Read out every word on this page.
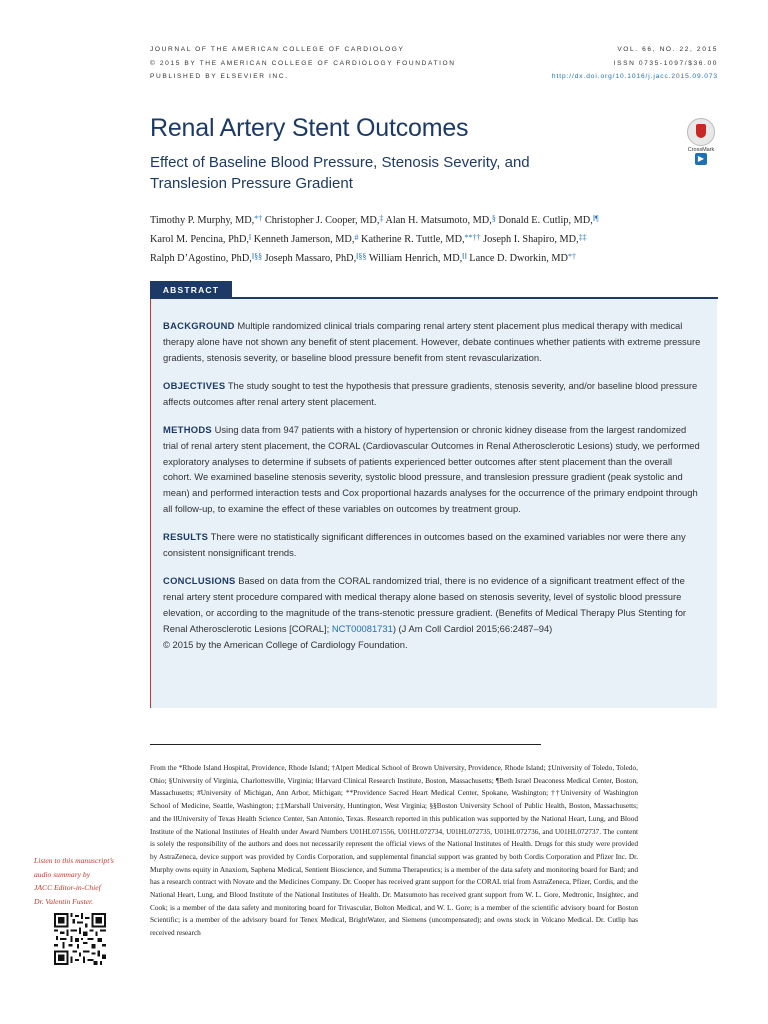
JOURNAL OF THE AMERICAN COLLEGE OF CARDIOLOGY
© 2015 BY THE AMERICAN COLLEGE OF CARDIOLOGY FOUNDATION
PUBLISHED BY ELSEVIER INC.
VOL. 66, NO. 22, 2015
ISSN 0735-1097/$36.00
http://dx.doi.org/10.1016/j.jacc.2015.09.073
Renal Artery Stent Outcomes
Effect of Baseline Blood Pressure, Stenosis Severity, and Translesion Pressure Gradient
CrossMark
▶
Timothy P. Murphy, MD,*† Christopher J. Cooper, MD,‡ Alan H. Matsumoto, MD,§ Donald E. Cutlip, MD,‖¶
Karol M. Pencina, PhD,‖ Kenneth Jamerson, MD,# Katherine R. Tuttle, MD,**†† Joseph I. Shapiro, MD,‡‡
Ralph D’Agostino, PhD,‖§§ Joseph Massaro, PhD,‖§§ William Henrich, MD,‖‖ Lance D. Dworkin, MD*†
ABSTRACT

BACKGROUND Multiple randomized clinical trials comparing renal artery stent placement plus medical therapy with medical therapy alone have not shown any benefit of stent placement. However, debate continues whether patients with extreme pressure gradients, stenosis severity, or baseline blood pressure benefit from stent revascularization.

OBJECTIVES The study sought to test the hypothesis that pressure gradients, stenosis severity, and/or baseline blood pressure affects outcomes after renal artery stent placement.

METHODS Using data from 947 patients with a history of hypertension or chronic kidney disease from the largest randomized trial of renal artery stent placement, the CORAL (Cardiovascular Outcomes in Renal Atherosclerotic Lesions) study, we performed exploratory analyses to determine if subsets of patients experienced better outcomes after stent placement than the overall cohort. We examined baseline stenosis severity, systolic blood pressure, and translesion pressure gradient (peak systolic and mean) and performed interaction tests and Cox proportional hazards analyses for the occurrence of the primary endpoint through all follow-up, to examine the effect of these variables on outcomes by treatment group.

RESULTS There were no statistically significant differences in outcomes based on the examined variables nor were there any consistent nonsignificant trends.

CONCLUSIONS Based on data from the CORAL randomized trial, there is no evidence of a significant treatment effect of the renal artery stent procedure compared with medical therapy alone based on stenosis severity, level of systolic blood pressure elevation, or according to the magnitude of the trans-stenotic pressure gradient. (Benefits of Medical Therapy Plus Stenting for Renal Atherosclerotic Lesions [CORAL]; NCT00081731) (J Am Coll Cardiol 2015;66:2487–94)
© 2015 by the American College of Cardiology Foundation.

From the *Rhode Island Hospital, Providence, Rhode Island; †Alpert Medical School of Brown University, Providence, Rhode Island; ‡University of Toledo, Toledo, Ohio; §University of Virginia, Charlottesville, Virginia; ‖Harvard Clinical Research Institute, Boston, Massachusetts; ¶Beth Israel Deaconess Medical Center, Boston, Massachusetts; #University of Michigan, Ann Arbor, Michigan; **Providence Sacred Heart Medical Center, Spokane, Washington; ††University of Washington School of Medicine, Seattle, Washington; ‡‡Marshall University, Huntington, West Virginia; §§Boston University School of Public Health, Boston, Massachusetts; and the ‖‖University of Texas Health Science Center, San Antonio, Texas. Research reported in this publication was supported by the National Heart, Lung, and Blood Institute of the National Institutes of Health under Award Numbers U01HL071556, U01HL072734, U01HL072735, U01HL072736, and U01HL072737. The content is solely the responsibility of the authors and does not necessarily represent the official views of the National Institutes of Health. Drugs for this study were provided by AstraZeneca, device support was provided by Cordis Corporation, and supplemental financial support was granted by both Cordis Corporation and Pfizer Inc. Dr. Murphy owns equity in Anaxiom, Saphena Medical, Sentient Bioscience, and Summa Therapeutics; is a member of the data safety and monitoring board for Bard; and has a research contract with Novate and the Medicines Company. Dr. Cooper has received grant support for the CORAL trial from AstraZeneca, Pfizer, Cordis, and the National Heart, Lung, and Blood Institute of the National Institutes of Health. Dr. Matsumoto has received grant support from W. L. Gore, Medtronic, Insightec, and Cook; is a member of the data safety and monitoring board for Trivascular, Bolton Medical, and W. L. Gore; is a member of the scientific advisory board for Boston Scientific; is a member of the advisory board for Tenex Medical, BrightWater, and Siemens (uncompensated); and owns stock in Volcano Medical. Dr. Cutlip has received research
Listen to this manuscript’s
audio summary by
JACC Editor-in-Chief
Dr. Valentin Fuster.
